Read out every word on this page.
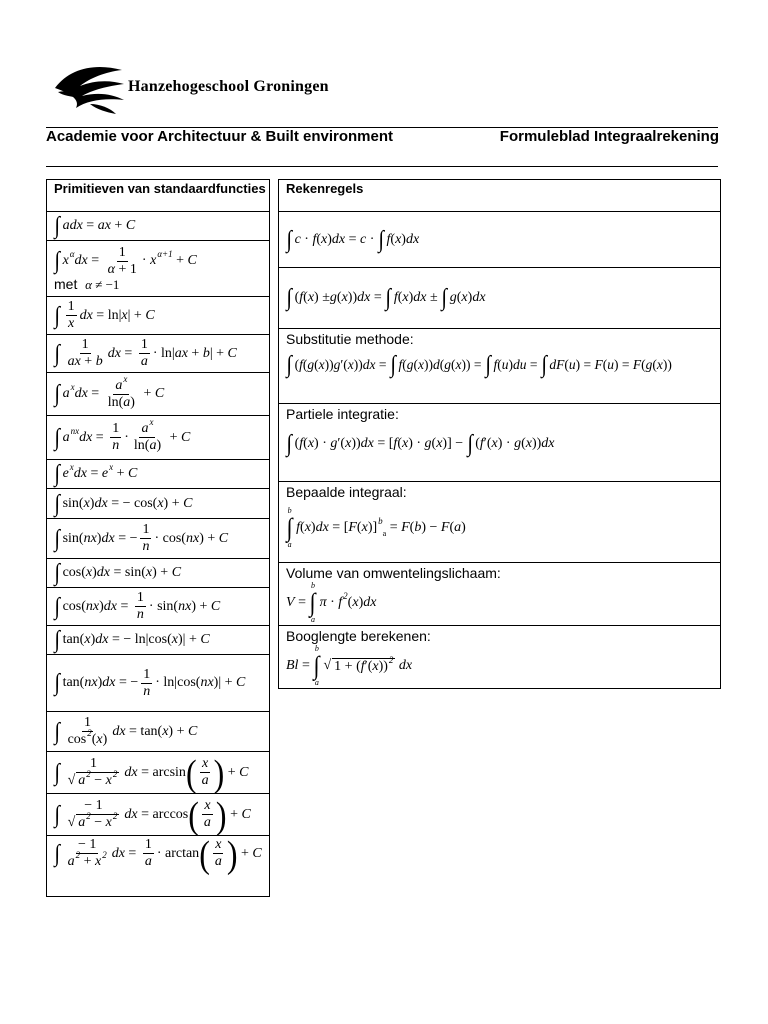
Hanzehogeschool Groningen
Academie voor Architectuur & Built environment	Formuleblad Integraalrekening
Primitieven van standaardfuncties

∫ adx = ax + C

∫ x α dx = $\frac{1}{\alpha + 1} \cdot x$ α+1 + C
met α ≠ −1

∫ $\frac{1}{x}$ dx = ln| x | + C

∫ $\frac{1}{ax + b}$ dx = $\frac{1}{a} \cdot \ln|$ ax + b | + C

∫ a x dx = $\frac{a^x}{\ln(a)} + C$

∫ a nx dx = $\frac{1}{n} \cdot \frac{a^x}{\ln(a)} + C$

∫ e x dx = e x + C

∫ sin( x ) dx = − cos( x ) + C

∫ sin( nx ) dx = − $\frac{1}{n} \cdot \cos$( nx ) + C

∫ cos( x ) dx = sin( x ) + C

∫ cos( nx ) dx = $\frac{1}{n} \cdot \sin$( nx ) + C

∫ tan( x ) dx = − ln|cos( x )| + C

∫ tan( nx ) dx = − $\frac{1}{n} \cdot \ln|\cos$( nx )| + C

∫ $\frac{1}{\cos^2(x)}$ dx = tan( x ) + C

∫ $\frac{1}{√ a^2 - x^2}$ dx = arcsin ( $\frac{x}{a}$ ) + C

∫ $\frac{- 1}{√ a^2 - x^2}$ dx = arccos ( $\frac{x}{a}$ ) + C

∫ $\frac{- 1}{a^2 + x^2}$ dx = $\frac{1}{a} \cdot \arctan$ ( $\frac{x}{a}$ ) + C
Rekenregels

∫ c · f ( x ) dx = c · ∫ f ( x ) dx

∫ ( f ( x ) ± g ( x )) dx = ∫ f ( x ) dx ± ∫ g ( x ) dx

Substitutie methode:
∫ ( f ( g ( x )) g ′( x )) dx = ∫ f ( g ( x )) d ( g ( x )) = ∫ f ( u ) du = ∫ dF ( u ) = F ( u ) = F ( g ( x ))

Partiele integratie:
∫ ( f ( x ) · g ′( x )) dx = [ f ( x ) · g ( x )] − ∫ ( f ′( x ) · g ( x )) dx

Bepaalde integraal:
b
∫
a
f ( x ) dx = [ F ( x )] b
a = F ( b ) − F ( a )

Volume van omwentelingslichaam:
V =
b
∫
a
π · f 2 ( x ) dx

Booglengte berekenen:
Bl =
b
∫
a
√ $1 + (f'(x))^2$ dx
